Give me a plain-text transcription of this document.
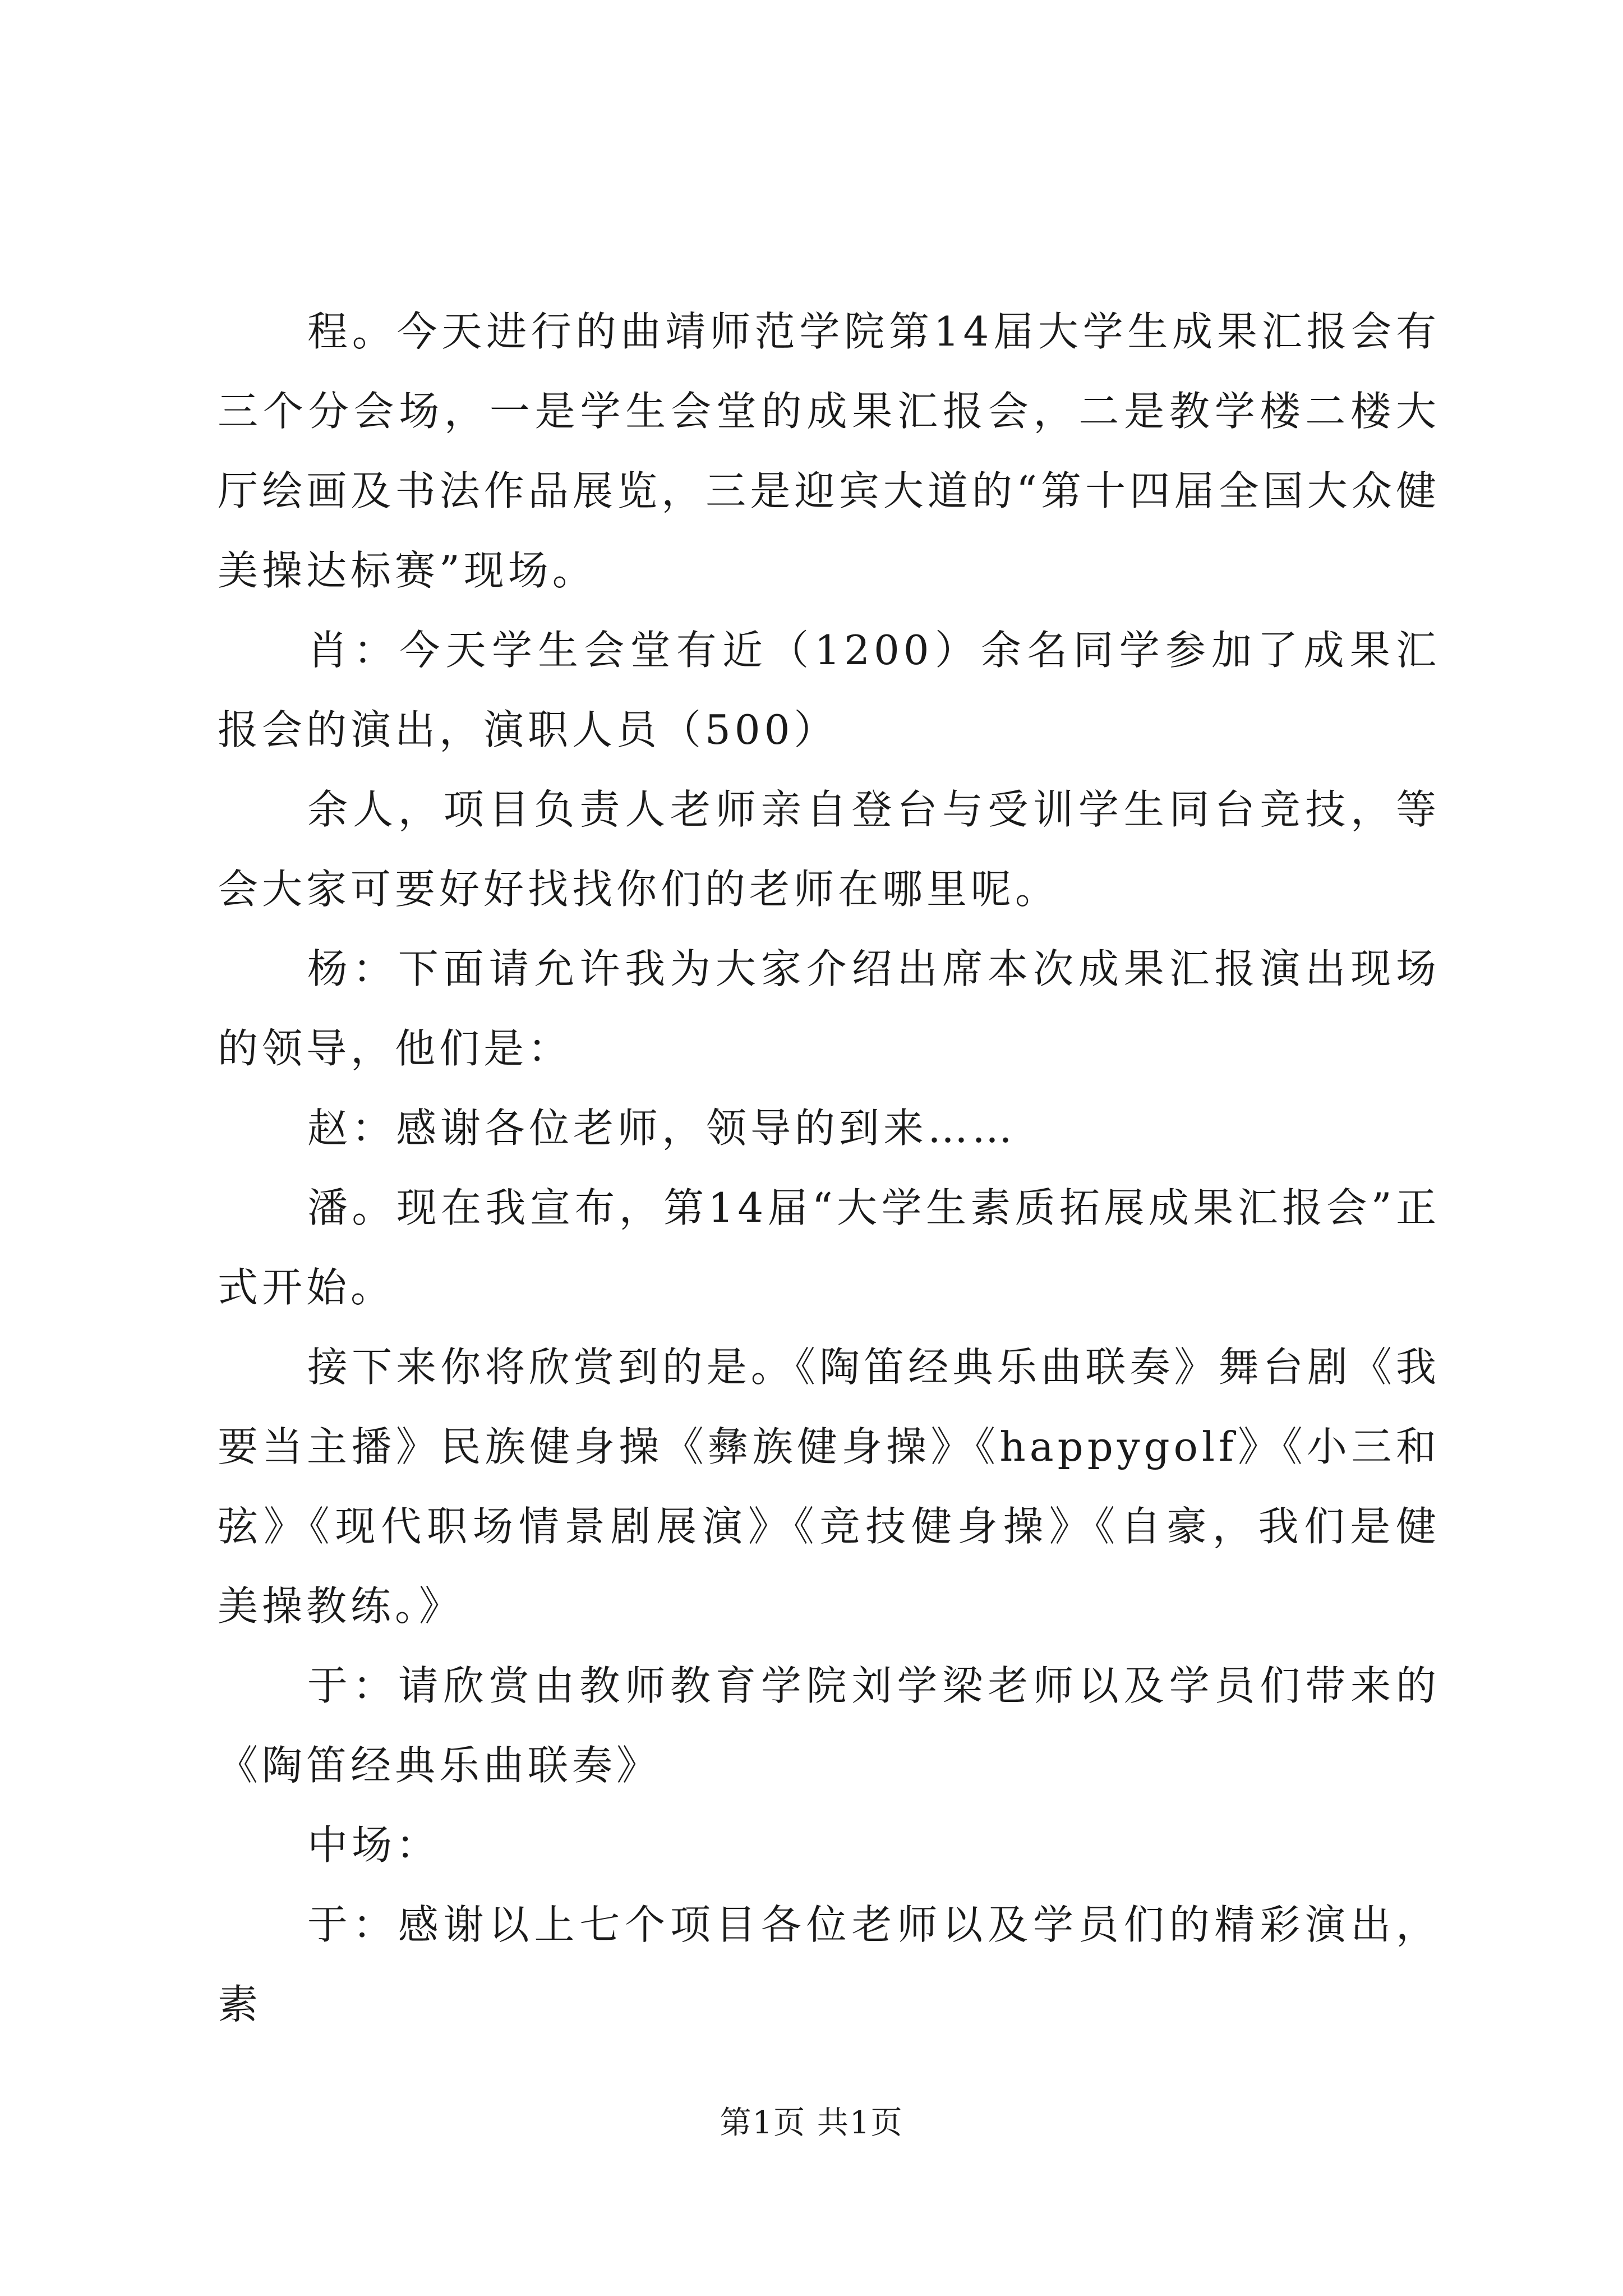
程。今天进行的曲靖师范学院第14届大学生成果汇报会有三个分会场，一是学生会堂的成果汇报会，二是教学楼二楼大厅绘画及书法作品展览，三是迎宾大道的“第十四届全国大众健美操达标赛”现场。

肖：今天学生会堂有近（1200）余名同学参加了成果汇报会的演出，演职人员（500）

余人，项目负责人老师亲自登台与受训学生同台竞技，等会大家可要好好找找你们的老师在哪里呢。

杨：下面请允许我为大家介绍出席本次成果汇报演出现场的领导，他们是：

赵：感谢各位老师，领导的到来……

潘。现在我宣布，第14届“大学生素质拓展成果汇报会”正式开始。

接下来你将欣赏到的是。《陶笛经典乐曲联奏》舞台剧《我要当主播》民族健身操《彝族健身操》《happygolf》《小三和弦》《现代职场情景剧展演》《竞技健身操》《自豪，我们是健美操教练。》

于：请欣赏由教师教育学院刘学梁老师以及学员们带来的《陶笛经典乐曲联奏》

中场：

于：感谢以上七个项目各位老师以及学员们的精彩演出，素

第1页 共1页
